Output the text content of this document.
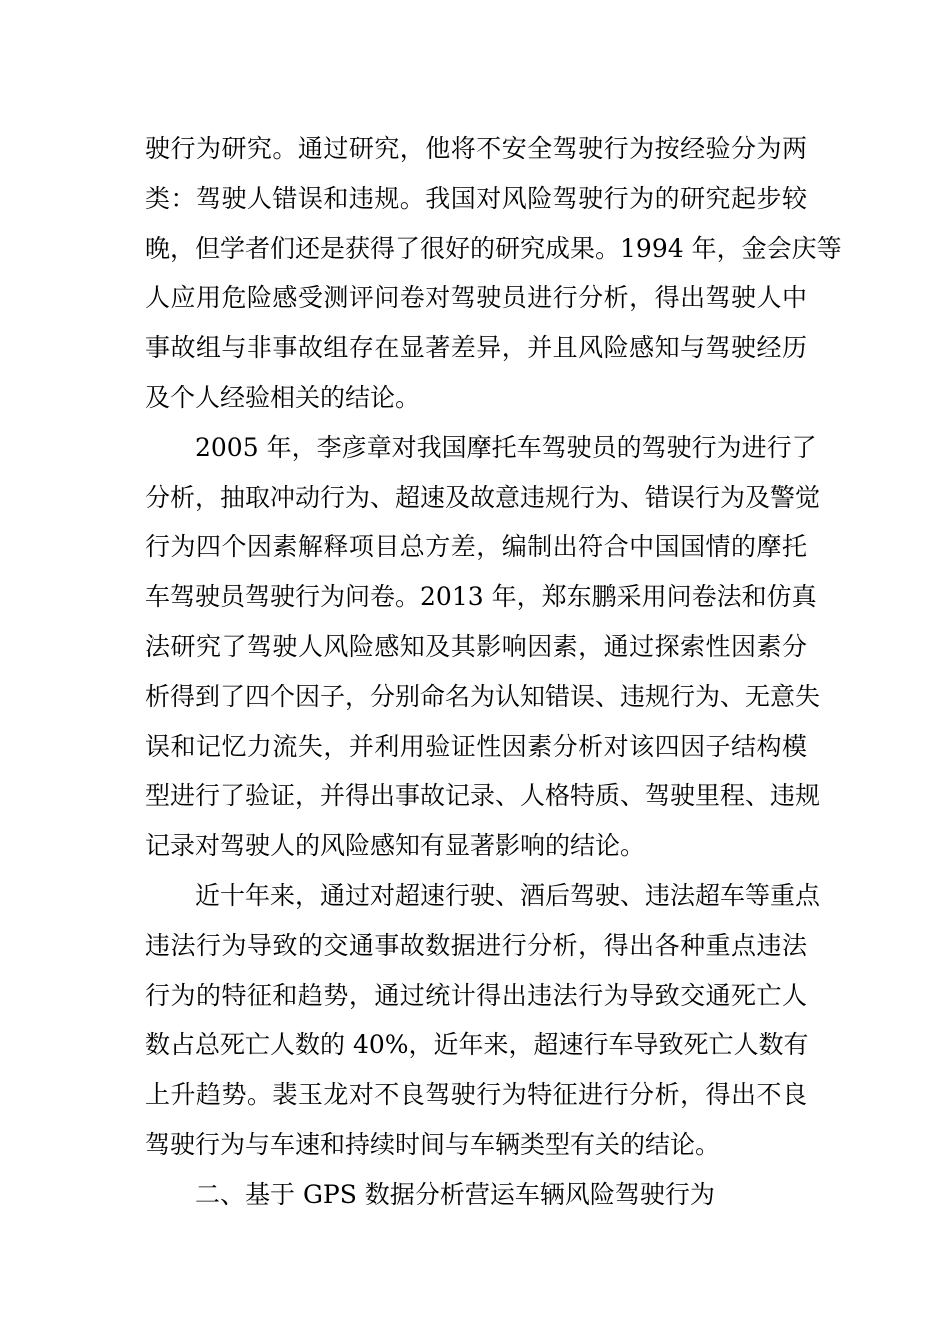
驶行为研究。通过研究，他将不安全驾驶行为按经验分为两
类：驾驶人错误和违规。我国对风险驾驶行为的研究起步较
晚，但学者们还是获得了很好的研究成果。1994 年，金会庆等
人应用危险感受测评问卷对驾驶员进行分析，得出驾驶人中
事故组与非事故组存在显著差异，并且风险感知与驾驶经历
及个人经验相关的结论。
2005 年，李彦章对我国摩托车驾驶员的驾驶行为进行了
分析，抽取冲动行为、超速及故意违规行为、错误行为及警觉
行为四个因素解释项目总方差，编制出符合中国国情的摩托
车驾驶员驾驶行为问卷。2013 年，郑东鹏采用问卷法和仿真
法研究了驾驶人风险感知及其影响因素，通过探索性因素分
析得到了四个因子，分别命名为认知错误、违规行为、无意失
误和记忆力流失，并利用验证性因素分析对该四因子结构模
型进行了验证，并得出事故记录、人格特质、驾驶里程、违规
记录对驾驶人的风险感知有显著影响的结论。
近十年来，通过对超速行驶、酒后驾驶、违法超车等重点
违法行为导致的交通事故数据进行分析，得出各种重点违法
行为的特征和趋势，通过统计得出违法行为导致交通死亡人
数占总死亡人数的 40%，近年来，超速行车导致死亡人数有
上升趋势。裴玉龙对不良驾驶行为特征进行分析，得出不良
驾驶行为与车速和持续时间与车辆类型有关的结论。
二、基于 GPS 数据分析营运车辆风险驾驶行为
